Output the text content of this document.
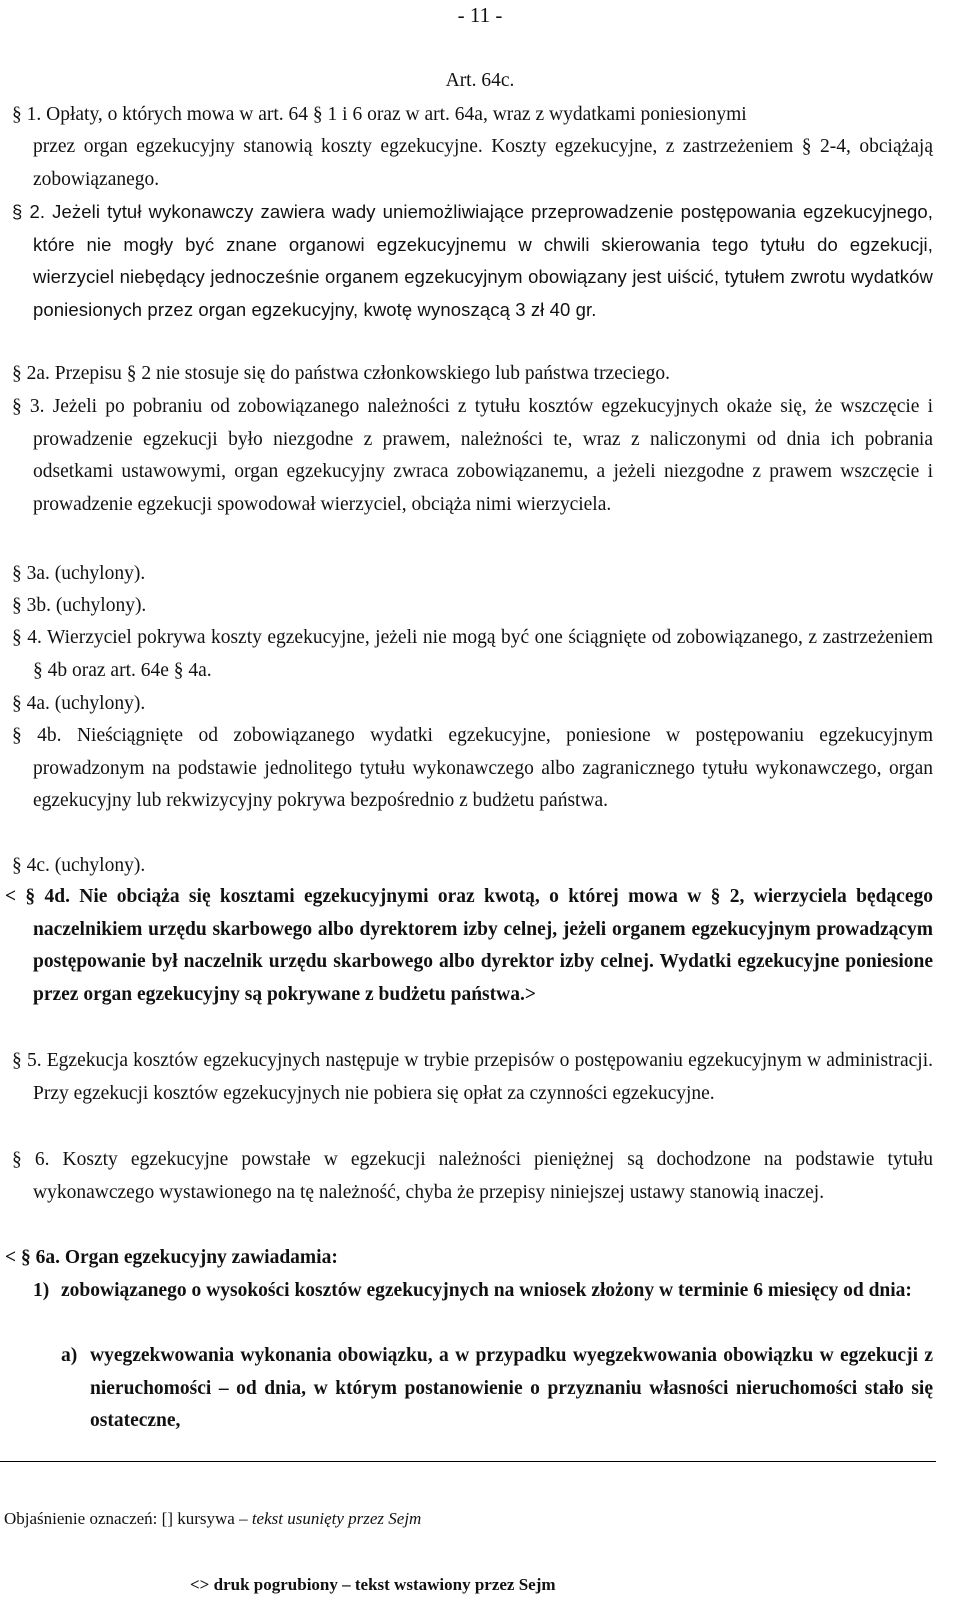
- 11 -
Art. 64c.
§ 1. Opłaty, o których mowa w art. 64 § 1 i 6 oraz w art. 64a, wraz z wydatkami poniesionymi
przez organ egzekucyjny stanowią koszty egzekucyjne. Koszty egzekucyjne, z zastrzeżeniem § 2-4, obciążają zobowiązanego.
§ 2. Jeżeli tytuł wykonawczy zawiera wady uniemożliwiające przeprowadzenie postępowania egzekucyjnego, które nie mogły być znane organowi egzekucyjnemu w chwili skierowania tego tytułu do egzekucji, wierzyciel niebędący jednocześnie organem egzekucyjnym obowiązany jest uiścić, tytułem zwrotu wydatków poniesionych przez organ egzekucyjny, kwotę wynoszącą 3 zł 40 gr.
§ 2a. Przepisu § 2 nie stosuje się do państwa członkowskiego lub państwa trzeciego.
§ 3. Jeżeli po pobraniu od zobowiązanego należności z tytułu kosztów egzekucyjnych okaże się, że wszczęcie i prowadzenie egzekucji było niezgodne z prawem, należności te, wraz z naliczonymi od dnia ich pobrania odsetkami ustawowymi, organ egzekucyjny zwraca zobowiązanemu, a jeżeli niezgodne z prawem wszczęcie i prowadzenie egzekucji spowodował wierzyciel, obciąża nimi wierzyciela.
§ 3a. (uchylony).
§ 3b. (uchylony).
§ 4. Wierzyciel pokrywa koszty egzekucyjne, jeżeli nie mogą być one ściągnięte od zobowiązanego, z zastrzeżeniem § 4b oraz art. 64e § 4a.
§ 4a. (uchylony).
§ 4b. Nieściągnięte od zobowiązanego wydatki egzekucyjne, poniesione w postępowaniu egzekucyjnym prowadzonym na podstawie jednolitego tytułu wykonawczego albo zagranicznego tytułu wykonawczego, organ egzekucyjny lub rekwizycyjny pokrywa bezpośrednio z budżetu państwa.
§ 4c. (uchylony).
< § 4d. Nie obciąża się kosztami egzekucyjnymi oraz kwotą, o której mowa w § 2, wierzyciela będącego naczelnikiem urzędu skarbowego albo dyrektorem izby celnej, jeżeli organem egzekucyjnym prowadzącym postępowanie był naczelnik urzędu skarbowego albo dyrektor izby celnej. Wydatki egzekucyjne poniesione przez organ egzekucyjny są pokrywane z budżetu państwa.>
§ 5. Egzekucja kosztów egzekucyjnych następuje w trybie przepisów o postępowaniu egzekucyjnym w administracji. Przy egzekucji kosztów egzekucyjnych nie pobiera się opłat za czynności egzekucyjne.
§ 6. Koszty egzekucyjne powstałe w egzekucji należności pieniężnej są dochodzone na podstawie tytułu wykonawczego wystawionego na tę należność, chyba że przepisy niniejszej ustawy stanowią inaczej.
< § 6a. Organ egzekucyjny zawiadamia:
1) zobowiązanego o wysokości kosztów egzekucyjnych na wniosek złożony w terminie 6 miesięcy od dnia:
a) wyegzekwowania wykonania obowiązku, a w przypadku wyegzekwowania obowiązku w egzekucji z nieruchomości – od dnia, w którym postanowienie o przyznaniu własności nieruchomości stało się ostateczne,
Objaśnienie oznaczeń: [] kursywa – tekst usunięty przez Sejm
<> druk pogrubiony – tekst wstawiony przez Sejm
